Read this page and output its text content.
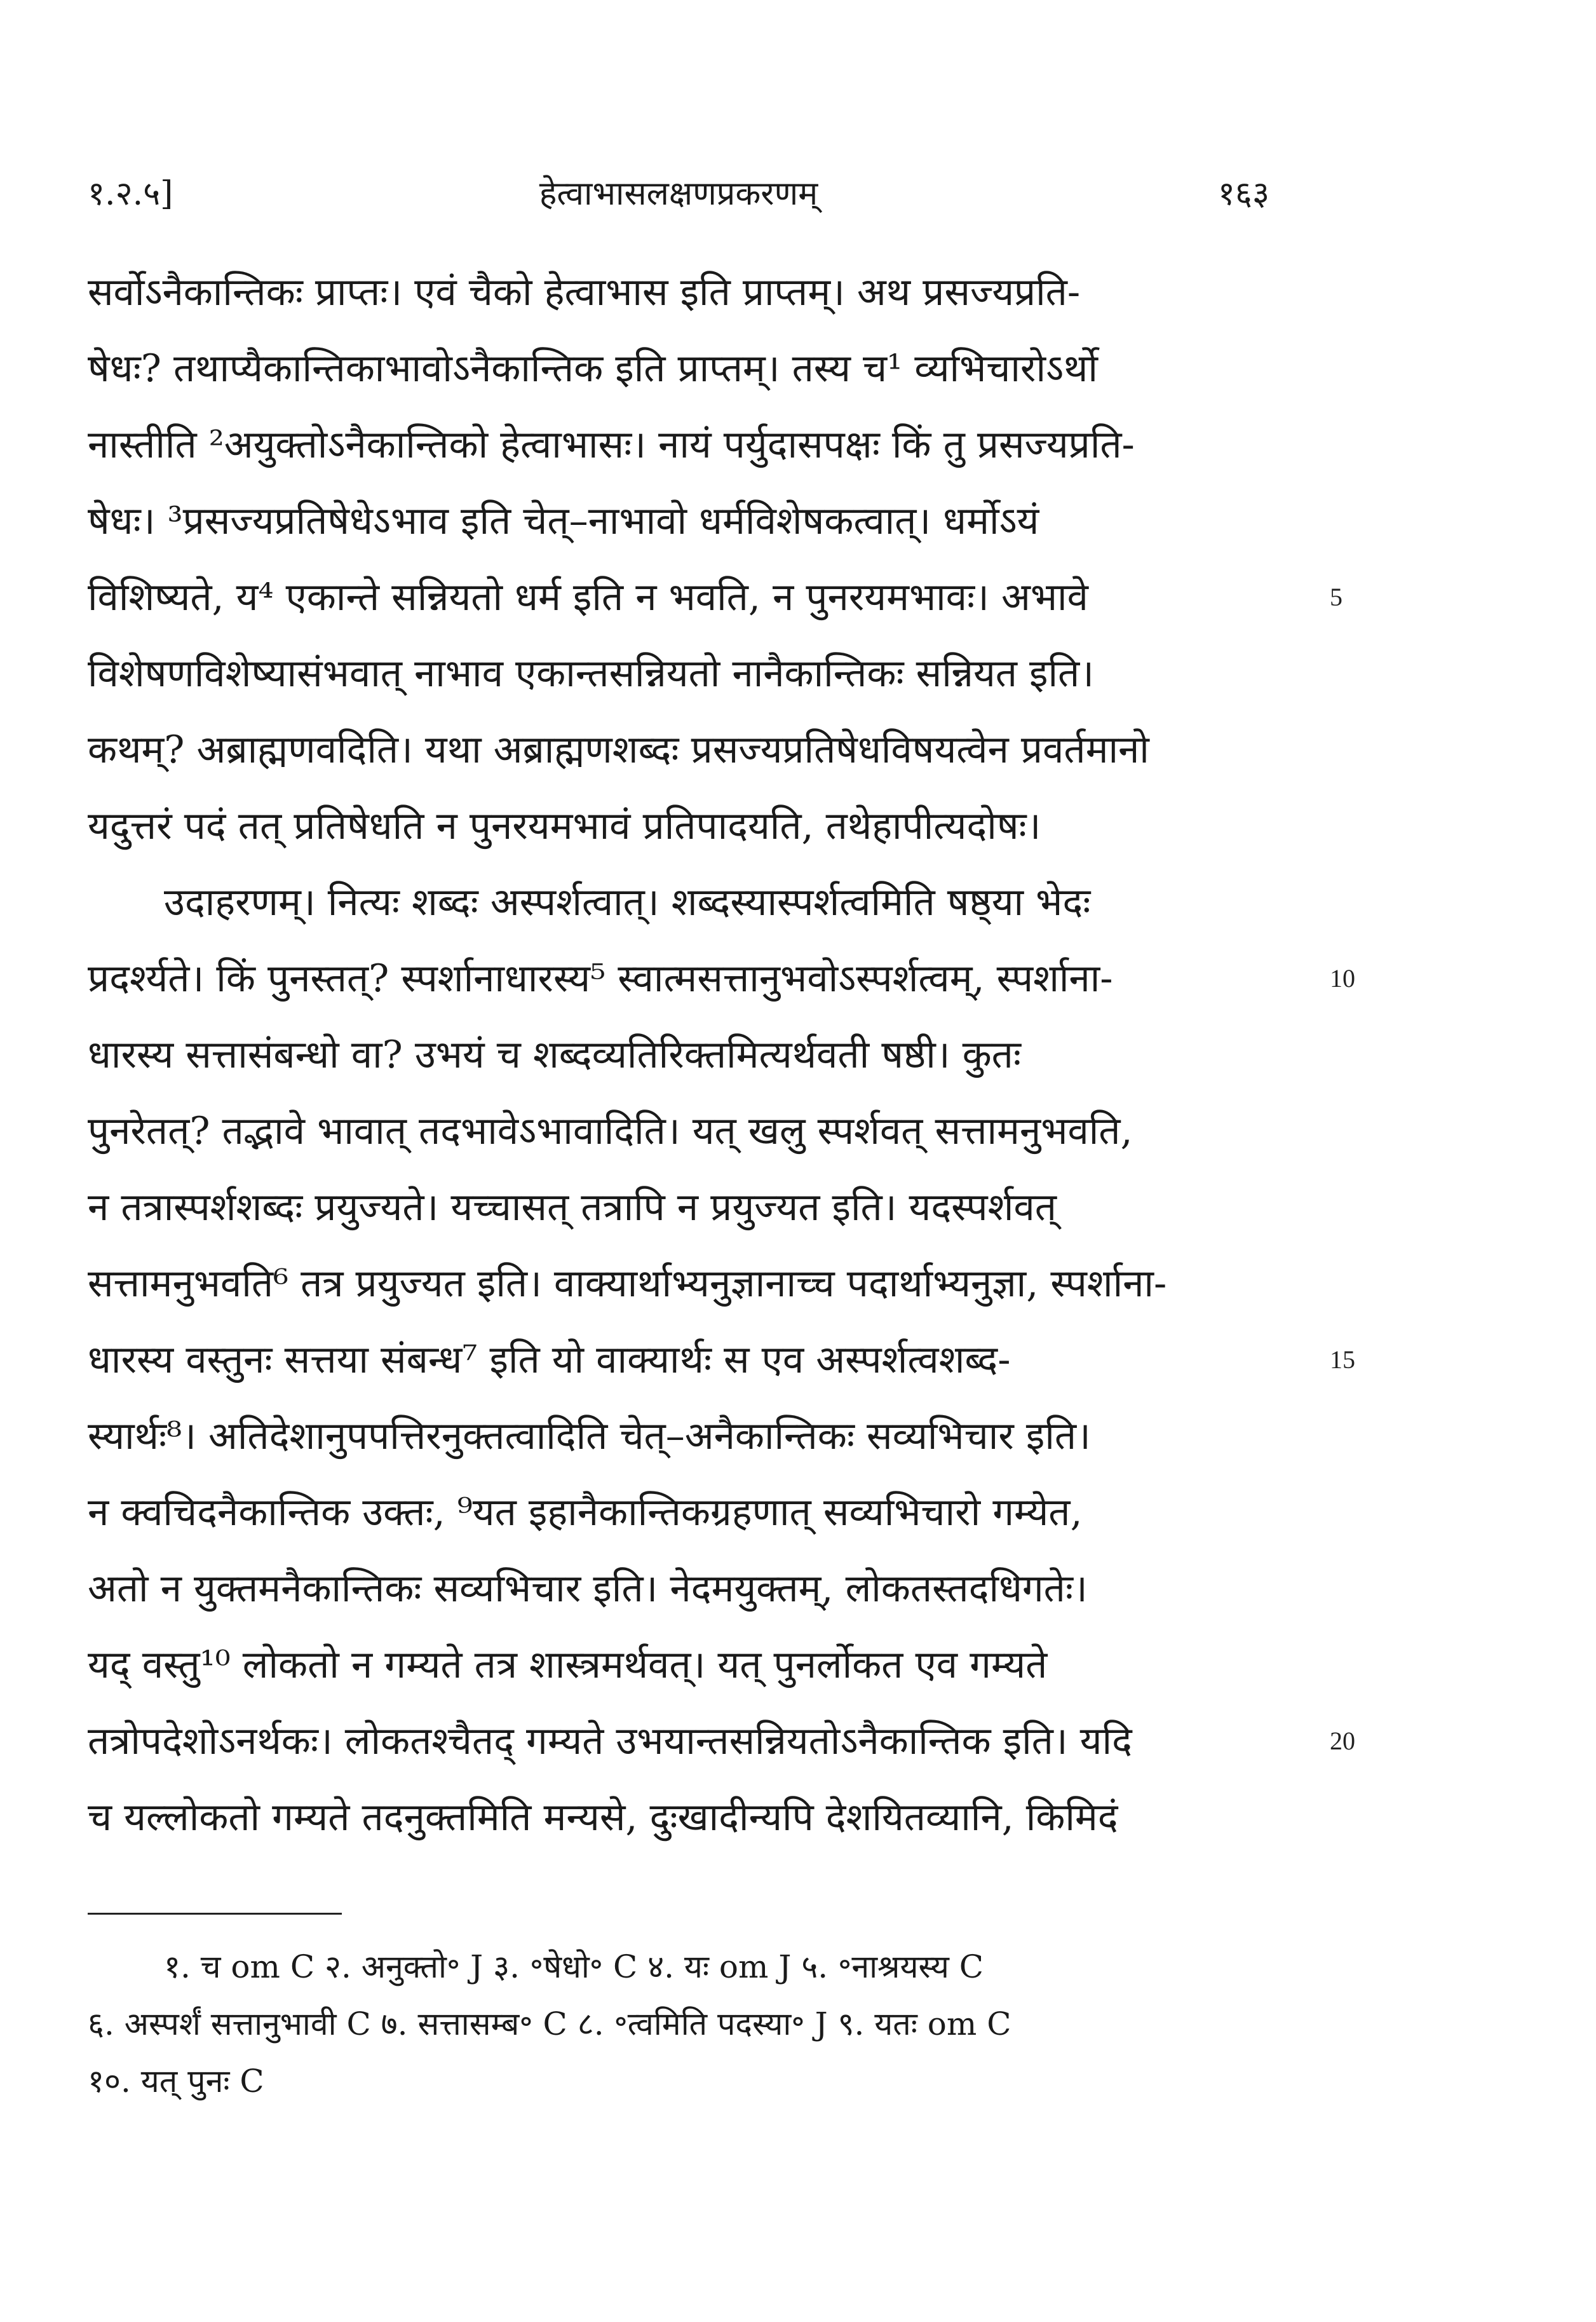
१.२.५]	हेत्वाभासलक्षणप्रकरणम्	१६३
सर्वोऽनैकान्तिकः प्राप्तः। एवं चैको हेत्वाभास इति प्राप्तम्। अथ प्रसज्यप्रति-
षेधः? तथाप्यैकान्तिकाभावोऽनैकान्तिक इति प्राप्तम्। तस्य च¹ व्यभिचारोऽर्थो
नास्तीति ²अयुक्तोऽनैकान्तिको हेत्वाभासः। नायं पर्युदासपक्षः किं तु प्रसज्यप्रति-
षेधः। ³प्रसज्यप्रतिषेधेऽभाव इति चेत्–नाभावो धर्मविशेषकत्वात्। धर्मोऽयं
विशिष्यते, य⁴ एकान्ते सन्नियतो धर्म इति न भवति, न पुनरयमभावः। अभावे	5
विशेषणविशेष्यासंभवात् नाभाव एकान्तसन्नियतो नानैकान्तिकः सन्नियत इति।
कथम्? अब्राह्मणवदिति। यथा अब्राह्मणशब्दः प्रसज्यप्रतिषेधविषयत्वेन प्रवर्तमानो
यदुत्तरं पदं तत् प्रतिषेधति न पुनरयमभावं प्रतिपादयति, तथेहापीत्यदोषः।
उदाहरणम्। नित्यः शब्दः अस्पर्शत्वात्। शब्दस्यास्पर्शत्वमिति षष्ठ्या भेदः
प्रदर्श्यते। किं पुनस्तत्? स्पर्शानाधारस्य⁵ स्वात्मसत्तानुभवोऽस्पर्शत्वम्, स्पर्शाना-	10
धारस्य सत्तासंबन्धो वा? उभयं च शब्दव्यतिरिक्तमित्यर्थवती षष्ठी। कुतः
पुनरेतत्? तद्भावे भावात् तदभावेऽभावादिति। यत् खलु स्पर्शवत् सत्तामनुभवति,
न तत्रास्पर्शशब्दः प्रयुज्यते। यच्चासत् तत्रापि न प्रयुज्यत इति। यदस्पर्शवत्
सत्तामनुभवति⁶ तत्र प्रयुज्यत इति। वाक्यार्थाभ्यनुज्ञानाच्च पदार्थाभ्यनुज्ञा, स्पर्शाना-
धारस्य वस्तुनः सत्तया संबन्ध⁷ इति यो वाक्यार्थः स एव अस्पर्शत्वशब्द-	15
स्यार्थः⁸। अतिदेशानुपपत्तिरनुक्तत्वादिति चेत्–अनैकान्तिकः सव्यभिचार इति।
न क्वचिदनैकान्तिक उक्तः, ⁹यत इहानैकान्तिकग्रहणात् सव्यभिचारो गम्येत,
अतो न युक्तमनैकान्तिकः सव्यभिचार इति। नेदमयुक्तम्, लोकतस्तदधिगतेः।
यद् वस्तु¹⁰ लोकतो न गम्यते तत्र शास्त्रमर्थवत्। यत् पुनर्लोकत एव गम्यते
तत्रोपदेशोऽनर्थकः। लोकतश्चैतद् गम्यते उभयान्तसन्नियतोऽनैकान्तिक इति। यदि	20
च यल्लोकतो गम्यते तदनुक्तमिति मन्यसे, दुःखादीन्यपि देशयितव्यानि, किमिदं
१. च om C २. अनुक्तो॰ J ३. ॰षेधो॰ C ४. यः om J ५. ॰नाश्रयस्य C
६. अस्पर्शं सत्तानुभावी C ७. सत्तासम्ब॰ C ८. ॰त्वमिति पदस्या॰ J ९. यतः om C
१०. यत् पुनः C
